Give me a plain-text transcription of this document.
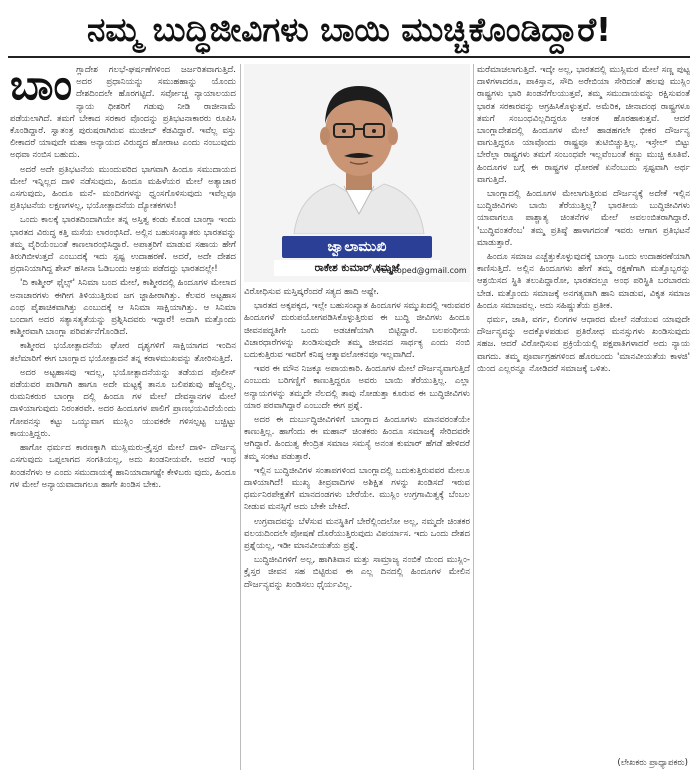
ನಮ್ಮ ಬುದ್ಧಿಜೀವಿಗಳು ಬಾಯಿ ಮುಚ್ಚಿಕೊಂಡಿದ್ದಾರೆ!

ಬಾಂಗ್ಲಾದೇಶ ಗಲಭೆ-ಘರ್ಷಣೆಗಳಿಂದ ಜರ್ಜರಿತವಾಗುತ್ತಿದೆ. ಅದರ ಪ್ರಧಾನಿಯನ್ನು ಸಮುಹಹಾನ್ನು ಯೊಂದು ದೇಶದಿಂದಲೇ ಹೊರಗಟ್ಟಿದೆ. ಸರ್ವೋಚ್ಚ ನ್ಯಾಯಾಲಯದ ನ್ಯಾಯ ಧೀಶರಿಗೆ ಗಡುವು ನೀಡಿ ರಾಜೀನಾಮೆ ಪಡೆಯಲಾಗಿದೆ. ತಮಗೆ ಬೇಕಾದ ಸರಕಾರ ವೊಂದನ್ನು ಪ್ರತಿಭಟನಾಕಾರರು ರೂಪಿಸಿ ಕೊಂಡಿದ್ದಾರೆ. ಸ್ವಾತಂತ್ರ ಪುರುಷರಾಗಿರುವ ಮುಜೀಬ್ ಕೆಡವಿದ್ದಾರೆ. ಇವೆಲ್ಲ ವಸ್ತು ಲೀಕಾದರೆ ಯಾವುದೇ ಮಹಾ ಅನ್ಯಾಯದ ವಿರುದ್ಧದ ಹೋರಾಟ ಎಂದು ನಂಬುವುದು ಅಥವಾ ನಂಬಿಸ ಬಹುದು.

ಅದರೆ ಅದೇ ಪ್ರತಿಭಟನೆಯ ಮುಂದುವರಿದ ಭಾಗವಾಗಿ ಹಿಂದೂ ಸಮುದಾಯದ ಮೇಲೆ ಇನ್ನಿಲ್ಲದ ದಾಳಿ ನಡೆಸುವುದು, ಹಿಂದೂ ಮಹಿಳೆಯರ ಮೇಲೆ ಅತ್ಯಾಚಾರ ಎಸಗುವುದು, ಹಿಂದೂ ಮನೆ- ಮಂದಿರಗಳನ್ನು ಧ್ವಂಸಗೊಳಿಸುವುದು ಇವೆಲ್ಲವೂ ಪ್ರತಿಭಟನೆಯ ಲಕ್ಷಣಗಳಲ್ಲ, ಭಯೋತ್ಪಾದನೆಯ ದ್ಯೋತಕಗಳು!

ಒಂದು ಕಾಲಕ್ಕೆ ಭಾರತದಿಂದಾಗಿಯೇ ತನ್ನ ಅಸ್ತಿತ್ವ ಕಂಡು ಕೊಂಡ ಬಾಂಗ್ಲಾ ಇಂದು ಭಾರತದ ವಿರುದ್ಧ ಕತ್ತಿ ಮಸೆಯ ಲಾರಂಭಿಸಿದೆ. ಅಲ್ಲಿನ ಬಹುಸಂಖ್ಯಾತರು ಭಾರತವನ್ನು ತಮ್ಮ ವೈರಿಯೆಂಬಂತೆ ಕಾಣಲಾರಂಭಿಸಿದ್ದಾರೆ. ಅಪಾತ್ರರಿಗೆ ಮಾಡುವ ಸಹಾಯ ಹೇಗೆ ತಿರುಗಿಬೀಳುತ್ತದೆ ಎಂಬುದಕ್ಕೆ ಇದು ಸ್ಪಷ್ಟ ಉದಾಹರಣೆ. ಅದರೆ, ಅದೇ ದೇಶದ ಪ್ರಧಾನಿಯಾಗಿದ್ದ ಶೇಖ್ ಹಸೀನಾ ಓಡಿಬಂದು ಆಶ್ರಯ ಪಡೆದದ್ದು ಭಾರತದಲ್ಲೇ!

'ದಿ ಕಾಶ್ಮೀರ್ ಫೈಲ್ಸ್' ಸಿನಿಮಾ ಬಂದ ಮೇಲೆ, ಕಾಶ್ಮೀರದಲ್ಲಿ ಹಿಂದೂಗಳ ಮೇಲಾದ ಅನಾಚಾರಗಳು ಈಗೀಗ ತಿಳಿಯುತ್ತಿರುವ ಜಗ ಜ್ಜಾಹೀರಾಗಿತ್ತು. ಕೆಲವರ ಅಟ್ಟಹಾಸ ಎಂಥ ಪೈಶಾಚಿಕವಾಗಿತ್ತು ಎಂಬುದಕ್ಕೆ ಆ ಸಿನಿಮಾ ಸಾಕ್ಷಿಯಾಗಿತ್ತು. ಆ ಸಿನಿಮಾ ಬಂದಾಗ ಅದರ ಸತ್ಯಾಸತ್ಯತೆಯನ್ನು ಪ್ರಶ್ನಿಸಿದವರು ಇದ್ದಾರೆ! ಅದಾಗಿ ಮತ್ತೊಂದು ಕಾಶ್ಮೀರವಾಗಿ ಬಾಂಗ್ಲಾ ಪರಿವರ್ತನೆಗೊಂಡಿದೆ.

ಕಾಶ್ಮೀರದ ಭಯೋತ್ಪಾದನೆಯ ಘೋರ ದೃಶ್ಯಗಳಿಗೆ ಸಾಕ್ಷಿಯಾಗದ ಇಂದಿನ ತಲೆಮಾರಿಗೆ ಈಗ ಬಾಂಗ್ಲಾದ ಭಯೋತ್ಪಾದನೆ ತನ್ನ ಕರಾಳಮುಖವನ್ನು ತೋರಿಸುತ್ತಿದೆ.

ಅದರ ಅಟ್ಟಹಾಸವು ಇದಲ್ಲ, ಭಯೋತ್ಪಾದನೆಯನ್ನು ತಡೆಯದ ಪೊಲೀಸ್ ಪಡೆಯವರ ಪಾಡಿಗಾಗಿ ಹಾಗೂ ಅದೇ ಮಟ್ಟಕ್ಕೆ ತಾನೂ ಬಲಿಪಶುವು ಹೆಜ್ಜಲಿಲ್ಲ. ರುಮನಿಕರುರ ಬಾಂಗ್ಲಾ ದಲ್ಲಿ ಹಿಂದೂ ಗಳ ಮೇಲೆ ದೇವಸ್ಥಾನಗಳ ಮೇಲೆ ದಾಳಿಯಾಗುವುದು ನಿರಂತರವೇ. ಅದರ ಹಿಂದೂಗಳ ಪಾಲಿಗೆ ಪ್ರಾಣಭಯವಿದೆಯೆಂದು ಗೋಪನಸ್ಸು ಕಟ್ಟು ಒಯ್ಯುವಾಗ ಮುಸ್ಲಿಂ ಯುವಕರೇ ಗಳಿಸಲ್ಪಟ್ಟ ಬಚ್ಚಿಟ್ಟು ಕಾಯುತ್ತಿದ್ದರು.

ಹಾಗೋ ಧರ್ಮದ ಕಾರಣಕ್ಕಾಗಿ ಮುಸ್ಲಿಮರು-ಕ್ರೈಸ್ತರ ಮೇಲೆ ದಾಳಿ- ದೌರ್ಜನ್ಯ ಎಸಗುವುದು ಒಪ್ಪಲಾಗದ ಸಂಗತಿಯಲ್ಲ, ಅದು ಖಂಡನೀಯವೇ. ಅದರೆ ಇಂಥ ಖಂಡನೆಗಳು ಆ ಎಂದು ಸಮುದಾಯಕ್ಕೆ ಹಾನಿಯಾದಾಗಷ್ಟೇ ಕೇಳಿಬರು ವುದು, ಹಿಂದೂ ಗಳ ಮೇಲೆ ಅನ್ಯಾಯವಾದಾಗಲೂ ಹಾಗೇ ಖಂಡಿಸ ಬೇಕು.

ಜ್ವಾಲಾಮುಖಿ
ರಾಕೇಶ ಕುಮಾರ್ ಕಮ್ಮಜೆ
vveditoped@gmail.com

ವಿರೋಧಿಸುವ ಮಸ್ತಿಷ್ಕರೆಂದರೆ ಸತ್ಯದ ಹಾದಿ ಅಷ್ಟೇ.

ಭಾರತದ ಅಕ್ಕಪಕ್ಕದ, ಇಲ್ಲೇ ಬಹುಸಂಖ್ಯಾತ ಹಿಂದೂಗಳ ಸಮ್ಮುಖದಲ್ಲಿ ಇರುವವರ ಹಿಂದೂಗಳೆ ದುರುಪಯೋಗಪಡಿಸಿಕೊಳ್ಳುತ್ತಿರುವ ಈ ಬುದ್ಧಿ ಜೀವಿಗಳು ಹಿಂದೂ ಜೀವನಪದ್ಧತಿಗೇ ಒಂದು ಅಡಚಣೆಯಾಗಿ ಬಿಟ್ಟಿದ್ದಾರೆ. ಬಲಪಂಥೀಯ ವಿಚಾರಧಾರೆಗಳನ್ನು ಖಂಡಿಸುವುದೇ ತಮ್ಮ ಜೀವನದ ಸಾರ್ಥಕ್ಯ ಎಂದು ನಂಬಿ ಬದುಕುತ್ತಿರುವ ಇವರಿಗೆ ಕನಿಷ್ಠ ಆತ್ಮಾವಲೋಕನವೂ ಇಲ್ಲವಾಗಿದೆ.

ಇವರ ಈ ಮೌನ ನಿಜಕ್ಕೂ ಅಪಾಯಕಾರಿ. ಹಿಂದೂಗಳ ಮೇಲೆ ದೌರ್ಜನ್ಯವಾಗುತ್ತಿದೆ ಎಂಬುದು ಬರಿಗಣ್ಣಿಗೆ ಕಾಣುತ್ತಿದ್ದರೂ ಅವರು ಬಾಯಿ ತೆರೆಯುತ್ತಿಲ್ಲ. ಎಲ್ಲಾ ಅನ್ಯಾಯಗಳನ್ನು ತಮ್ಮದೇ ನೆಲದಲ್ಲಿ ತಾವು ನೋಡುತ್ತಾ ಕೂರುವ ಈ ಬುದ್ಧಿಜೀವಿಗಳು ಯಾರ ಪರವಾಗಿದ್ದಾರೆ ಎಂಬುದೇ ಈಗ ಪ್ರಶ್ನೆ.

ಅದರ ಈ ದುರ್ಬುದ್ಧಿಜೀವಿಗಳಿಗೆ ಬಾಂಗ್ಲಾದ ಹಿಂದೂಗಳು ಮಾನವರಂತೆಯೇ ಕಾಣುತ್ತಿಲ್ಲ. ಹಾಗೆಂದು ಈ ಮಹಾನ್ ಚಿಂತಕರು ಹಿಂದೂ ಸಮಾಜಕ್ಕೆ ಸೇರಿದವರೇ ಆಗಿದ್ದಾರೆ. ಹಿಂದುತ್ವ ಕೇಂದ್ರಿತ ಸಮಾಜ ಸಮಸ್ಯೆ ಅನಂತ ಕುಮಾರ್ ಹೆಗಡೆ ಹೇಳಿದರೆ ತಮ್ಮ ಸಂಕಟ ಪಡುತ್ತಾರೆ.

ಇಲ್ಲಿನ ಬುದ್ಧಿಜೀವಿಗಳ ಸಂತಾಪಗಳಿಂದ ಬಾಂಗ್ಲಾದಲ್ಲಿ ಬದುಕುತ್ತಿರುವವರ ಮೇಲೂ ದಾಳಿಯಾಗಿದೆ! ಮುಖ್ಯ ತೀವ್ರವಾದಿಗಳ ಅಶಿಕ್ಷಿತ ಗಳನ್ನು ಖಂಡಿಸದೆ ಇರುವ ಧರ್ಮನಿರಪೇಕ್ಷತೆಗೆ ಮಾನದಂಡಗಳು ಬೇರೆಯೇ. ಮುಸ್ಲಿಂ ಉಗ್ರಗಾಮಿತ್ವಕ್ಕೆ ಬೆಂಬಲ ನೀಡುವ ಮನಸ್ಸಿಗೆ ಅದು ಬೇಕೇ ಬೇಕಿದೆ.

ಉಗ್ರವಾದವನ್ನು ಬೆಳೆಸುವ ಮನಸ್ಥಿತಿಗೆ ಬೇರೆಲ್ಲಿಂದಲೋ ಅಲ್ಲ, ನಮ್ಮದೇ ಚಿಂತಕರ ವಲಯದಿಂದಲೇ ಪೋಷಣೆ ದೊರೆಯುತ್ತಿರುವುದು ವಿಪರ್ಯಾಸ. ಇದು ಒಂದು ದೇಶದ ಪ್ರಶ್ನೆಯಲ್ಲ, ಇಡೀ ಮಾನವೀಯತೆಯ ಪ್ರಶ್ನೆ.

ಬುದ್ಧಿಜೀವಿಗಳಿಗೆ ಅಲ್ಲ, ಹಾಗಿತಿವಾನ ಮತ್ತು ಸಾಮ್ರಾಜ್ಯ ನಂಬಿಕೆ ಯಿಂದ ಮುಸ್ಲಿಂ-ಕ್ರೈಸ್ತರ ಜೀವನ ಸಹ ಬಿಟ್ಟಿರುವ ಈ ಎಲ್ಲ ದಿನದಲ್ಲಿ ಹಿಂದೂಗಳ ಮೇಲಿನ ದೌರ್ಜನ್ಯವನ್ನು ಖಂಡಿಸಲು ಧೈರ್ಯವಿಲ್ಲ.

ಮರೆಮಾಚಲಾಗುತ್ತಿದೆ. ಇದ್ಕೇ ಅಲ್ಲ, ಭಾರತದಲ್ಲಿ ಮುಸ್ಲಿಮರ ಮೇಲೆ ಸಣ್ಣ ಪುಟ್ಟ ದಾಳಿಗಳಾದರೂ, ಪಾಕಿಸ್ತಾನ, ಸೌದಿ ಅರೇಬಿಯಾ ಸೇರಿದಂತೆ ಹಲವು ಮುಸ್ಲಿಂ ರಾಷ್ಟ್ರಗಳು ಭಾರಿ ಖಂಡನೆಗೆಲಯುತ್ತವೆ, ತಮ್ಮ ಸಮುದಾಯವನ್ನು ರಕ್ಷಿಸುವಂತೆ ಭಾರತ ಸರಕಾರವನ್ನು ಆಗ್ರಹಿಸಿಕೊಳ್ಳುತ್ತವೆ. ಅಮೆರಿಕ, ಚೀನಾದಂಥ ರಾಷ್ಟ್ರಗಳೂ ತಮಗೆ ಸಂಬಂಧವಿಲ್ಲದಿದ್ದರೂ ಆತಂಕ ಹೊರಹಾಕುತ್ತವೆ. ಆದರೆ ಬಾಂಗ್ಲಾದೇಶದಲ್ಲಿ ಹಿಂದೂಗಳ ಮೇಲೆ ಹಾಡಹಗಲೇ ಭೀಕರ ದೌರ್ಜನ್ಯ ವಾಗುತ್ತಿದ್ದರೂ ಯಾವೊಂದು ರಾಷ್ಟ್ರವೂ ತುಟಿಬಿಚ್ಚುತ್ತಿಲ್ಲ. ಇಸ್ರೇಲ್ ಬಿಟ್ಟು ಬೇರೆಲ್ಲಾ ರಾಷ್ಟ್ರಗಳು ತಮಗೆ ಸಂಬಂಧವೇ ಇಲ್ಲವೆಂಬಂತೆ ಕಣ್ಣು ಮುಚ್ಚಿ ಕೂತಿವೆ. ಹಿಂದೂಗಳ ಬಗ್ಗೆ ಈ ರಾಷ್ಟ್ರಗಳ ಧೋರಣೆ ಏನೆಂಬುದು ಸ್ಪಷ್ಟವಾಗಿ ಅರ್ಥ ವಾಗುತ್ತಿದೆ.

ಬಾಂಗ್ಲಾದಲ್ಲಿ ಹಿಂದೂಗಳ ಮೇಲಾಗುತ್ತಿರುವ ದೌರ್ಜನ್ಯಕ್ಕೆ ಅದೇಕೆ ಇಲ್ಲಿನ ಬುದ್ಧಿಜೀವಿಗಳು ಬಾಯಿ ತೆರೆಯುತ್ತಿಲ್ಲ? ಭಾರತೀಯ ಬುದ್ಧಿಜೀವಿಗಳು ಯಾವಾಗಲೂ ಪಾಶ್ಚಾತ್ಯ ಚಿಂತನೆಗಳ ಮೇಲೆ ಅವಲಂಬಿತರಾಗಿದ್ದಾರೆ. 'ಬುದ್ಧಿವಂತರೆಂಬ' ತಮ್ಮ ಪ್ರತಿಷ್ಠೆ ಹಾಳಾಗದಂತೆ ಇವರು ಆಗಾಗ ಪ್ರತಿಭಟನೆ ಮಾಡುತ್ತಾರೆ.

ಹಿಂದೂ ಸಮಾಜ ಎಚ್ಚೆತ್ತುಕೊಳ್ಳುವುದಕ್ಕೆ ಬಾಂಗ್ಲಾ ಒಂದು ಉದಾಹರಣೆಯಾಗಿ ಕಾಣಿಸುತ್ತಿದೆ. ಅಲ್ಲಿನ ಹಿಂದೂಗಳು ಹೇಗೆ ತಮ್ಮ ರಕ್ಷಣೆಗಾಗಿ ಮತ್ತೊಬ್ಬರನ್ನು ಆಶ್ರಯಿಸದ ಸ್ಥಿತಿ ತಲುಪಿದ್ದಾರೋ, ಭಾರತದಲ್ಲೂ ಅಂಥ ಪರಿಸ್ಥಿತಿ ಬರಬಾರದು ಬೇಡ. ಮತ್ತೊಂದು ಸಮಾಜಕ್ಕೆ ಅನಗತ್ಯವಾಗಿ ಹಾನಿ ಮಾಡುವ, ವಿಕೃತ ಸಮಾಜ ಹಿಂದೂ ಸಮಾಜವಲ್ಲ. ಅದು ಸಹಿಷ್ಣುತೆಯ ಪ್ರತೀಕ.

ಧರ್ಮ, ಜಾತಿ, ವರ್ಗ, ಲಿಂಗಗಳ ಆಧಾರದ ಮೇಲೆ ನಡೆಯುವ ಯಾವುದೇ ದೌರ್ಜನ್ಯವನ್ನು ಅದಕ್ಕೊಳಪಡುವ ಪ್ರತಿರೋಧ ಮನಸ್ಸುಗಳು ಖಂಡಿಸುವುದು ಸಹಜ. ಆದರೆ ವಿರೋಧಿಸುವ ಪ್ರಕ್ರಿಯೆಯಲ್ಲಿ ಪಕ್ಷಪಾತಿಗಳಾದರೆ ಅದು ನ್ಯಾಯ ವಾಗದು. ತಮ್ಮ ಪೂರ್ವಾಗ್ರಹಗಳಿಂದ ಹೊರಬಂದು 'ಮಾನವೀಯತೆಯ ಕಾಳಜಿ' ಯಿಂದ ಎಲ್ಲರನ್ನೂ ನೋಡಿದರೆ ಸಮಾಜಕ್ಕೆ ಒಳಿತು.

(ಲೇಖಕರು ಪ್ರಾಧ್ಯಾಪಕರು)
